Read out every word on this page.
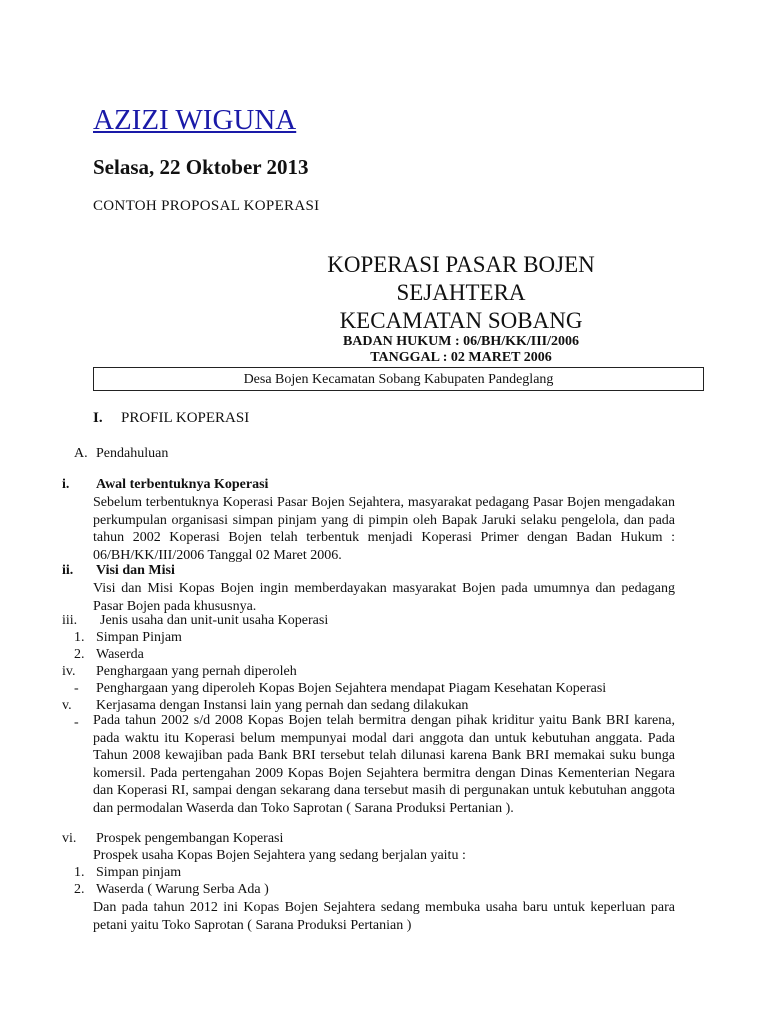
AZIZI WIGUNA

Selasa, 22 Oktober 2013

CONTOH PROPOSAL KOPERASI

KOPERASI PASAR BOJEN

SEJAHTERA

KECAMATAN SOBANG

BADAN HUKUM : 06/BH/KK/III/2006

TANGGAL : 02 MARET 2006

Desa Bojen Kecamatan Sobang Kabupaten Pandeglang

I. PROFIL KOPERASI

A. Pendahuluan
i. Awal terbentuknya Koperasi

Sebelum terbentuknya Koperasi Pasar Bojen Sejahtera, masyarakat pedagang Pasar Bojen mengadakan perkumpulan organisasi simpan pinjam yang di pimpin oleh Bapak Jaruki selaku pengelola, dan pada tahun 2002 Koperasi Bojen telah terbentuk menjadi Koperasi Primer dengan Badan Hukum : 06/BH/KK/III/2006 Tanggal 02 Maret 2006.

ii. Visi dan Misi

Visi dan Misi Kopas Bojen ingin memberdayakan masyarakat Bojen pada umumnya dan pedagang Pasar Bojen pada khususnya.

iii. Jenis usaha dan unit-unit usaha Koperasi
1. Simpan Pinjam
2. Waserda
iv. Penghargaan yang pernah diperoleh
- Penghargaan yang diperoleh Kopas Bojen Sejahtera mendapat Piagam Kesehatan Koperasi
v. Kerjasama dengan Instansi lain yang pernah dan sedang dilakukan
- Pada tahun 2002 s/d 2008 Kopas Bojen telah bermitra dengan pihak kriditur yaitu Bank BRI karena, pada waktu itu Koperasi belum mempunyai modal dari anggota dan untuk kebutuhan anggata. Pada Tahun 2008 kewajiban pada Bank BRI tersebut telah dilunasi karena Bank BRI memakai suku bunga komersil. Pada pertengahan 2009 Kopas Bojen Sejahtera bermitra dengan Dinas Kementerian Negara dan Koperasi RI, sampai dengan sekarang dana tersebut masih di pergunakan untuk kebutuhan anggota dan permodalan Waserda dan Toko Saprotan ( Sarana Produksi Pertanian ).

vi. Prospek pengembangan Koperasi
Prospek usaha Kopas Bojen Sejahtera yang sedang berjalan yaitu :
1. Simpan pinjam
2. Waserda ( Warung Serba Ada )

Dan pada tahun 2012 ini Kopas Bojen Sejahtera sedang membuka usaha baru untuk keperluan para petani yaitu Toko Saprotan ( Sarana Produksi Pertanian )
